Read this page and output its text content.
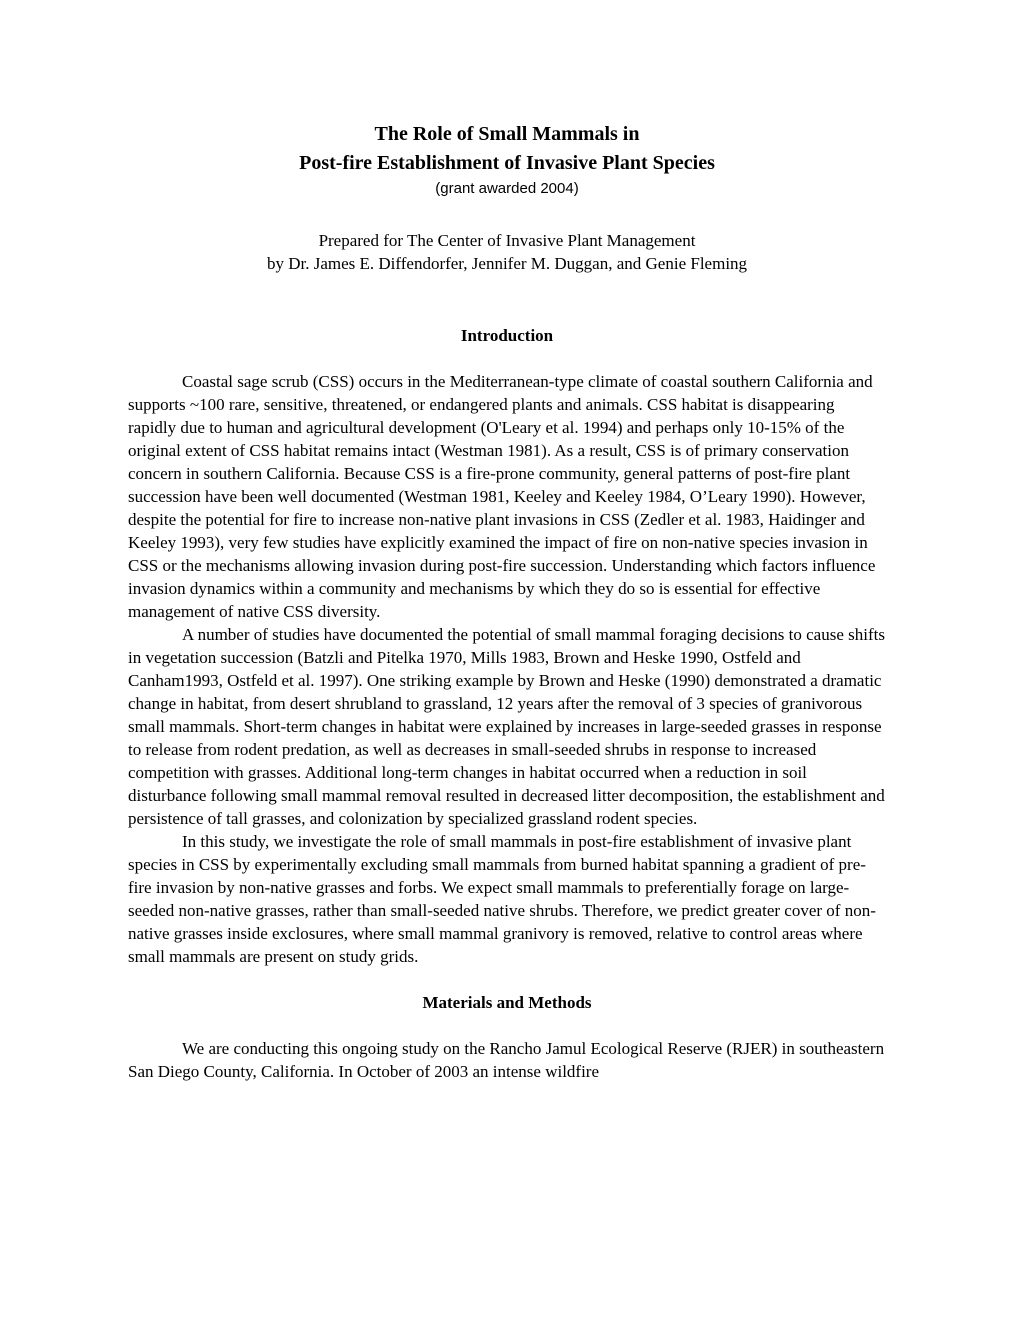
The Role of Small Mammals in
Post-fire Establishment of Invasive Plant Species
(grant awarded 2004)
Prepared for The Center of Invasive Plant Management
by Dr. James E. Diffendorfer, Jennifer M. Duggan, and Genie Fleming
Introduction

Coastal sage scrub (CSS) occurs in the Mediterranean-type climate of coastal southern California and supports ~100 rare, sensitive, threatened, or endangered plants and animals. CSS habitat is disappearing rapidly due to human and agricultural development (O'Leary et al. 1994) and perhaps only 10-15% of the original extent of CSS habitat remains intact (Westman 1981). As a result, CSS is of primary conservation concern in southern California. Because CSS is a fire-prone community, general patterns of post-fire plant succession have been well documented (Westman 1981, Keeley and Keeley 1984, O’Leary 1990). However, despite the potential for fire to increase non-native plant invasions in CSS (Zedler et al. 1983, Haidinger and Keeley 1993), very few studies have explicitly examined the impact of fire on non-native species invasion in CSS or the mechanisms allowing invasion during post-fire succession. Understanding which factors influence invasion dynamics within a community and mechanisms by which they do so is essential for effective management of native CSS diversity.

A number of studies have documented the potential of small mammal foraging decisions to cause shifts in vegetation succession (Batzli and Pitelka 1970, Mills 1983, Brown and Heske 1990, Ostfeld and Canham1993, Ostfeld et al. 1997). One striking example by Brown and Heske (1990) demonstrated a dramatic change in habitat, from desert shrubland to grassland, 12 years after the removal of 3 species of granivorous small mammals. Short-term changes in habitat were explained by increases in large-seeded grasses in response to release from rodent predation, as well as decreases in small-seeded shrubs in response to increased competition with grasses. Additional long-term changes in habitat occurred when a reduction in soil disturbance following small mammal removal resulted in decreased litter decomposition, the establishment and persistence of tall grasses, and colonization by specialized grassland rodent species.

In this study, we investigate the role of small mammals in post-fire establishment of invasive plant species in CSS by experimentally excluding small mammals from burned habitat spanning a gradient of pre-fire invasion by non-native grasses and forbs. We expect small mammals to preferentially forage on large-seeded non-native grasses, rather than small-seeded native shrubs. Therefore, we predict greater cover of non-native grasses inside exclosures, where small mammal granivory is removed, relative to control areas where small mammals are present on study grids.

Materials and Methods

We are conducting this ongoing study on the Rancho Jamul Ecological Reserve (RJER) in southeastern San Diego County, California. In October of 2003 an intense wildfire
